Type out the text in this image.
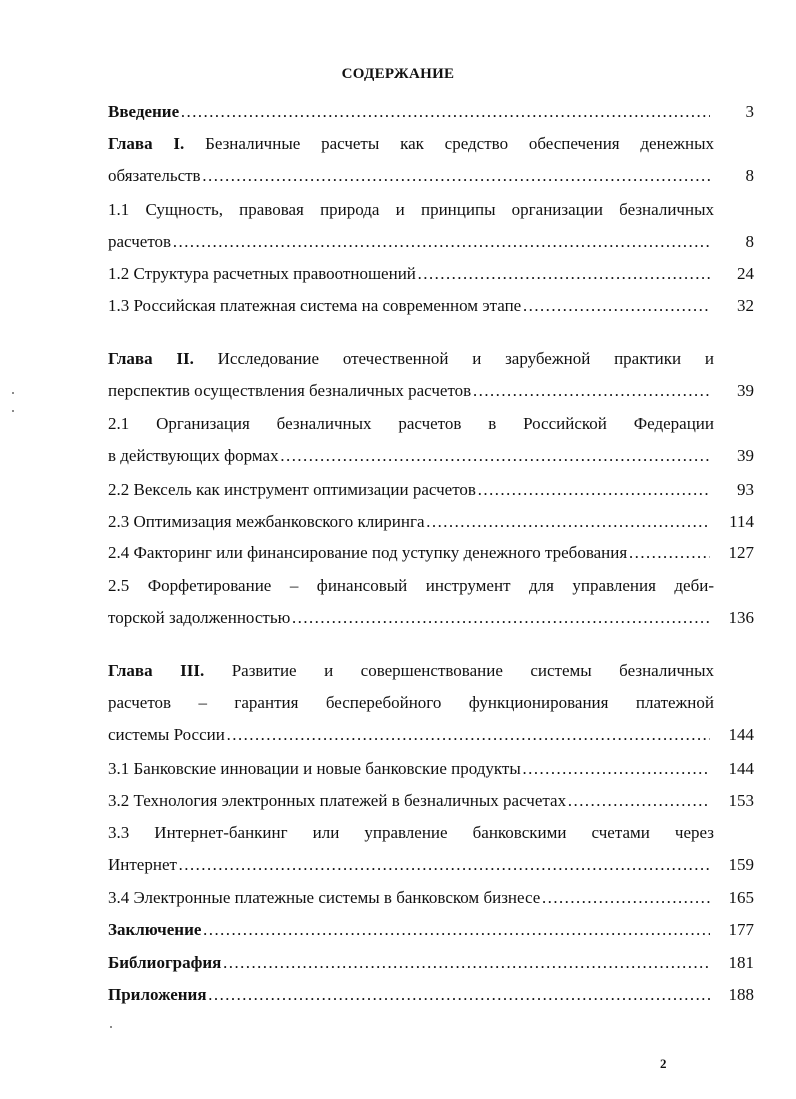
СОДЕРЖАНИЕ
Введение ………………………………………………………………………………………………………………………………………………………………………………………………	3
Глава I. Безналичные расчеты как средство обеспечения денежных
обязательств ………………………………………………………………………………………………………………………………………………………………………………………………	8
1.1 Сущность, правовая природа и принципы организации безналичных
расчетов ………………………………………………………………………………………………………………………………………………………………………………………………	8
1.2 Структура расчетных правоотношений ………………………………………………………………………………………………………………………………………………………………………………………………	24
1.3 Российская платежная система на современном этапе ………………………………………………………………………………………………………………………………………………………………………………………………	32
Глава II. Исследование отечественной и зарубежной практики и
перспектив осуществления безналичных расчетов ………………………………………………………………………………………………………………………………………………………………………………………………	39
2.1 Организация безналичных расчетов в Российской Федерации
в действующих формах ………………………………………………………………………………………………………………………………………………………………………………………………	39
2.2 Вексель как инструмент оптимизации расчетов ………………………………………………………………………………………………………………………………………………………………………………………………	93
2.3 Оптимизация межбанковского клиринга ………………………………………………………………………………………………………………………………………………………………………………………………	114
2.4 Факторинг или финансирование под уступку денежного требования ………………………………………………………………………………………………………………………………………………………………………………………………	127
2.5 Форфетирование – финансовый инструмент для управления деби-
торской задолженностью ………………………………………………………………………………………………………………………………………………………………………………………………	136
Глава III. Развитие и совершенствование системы безналичных
расчетов – гарантия бесперебойного функционирования платежной
системы России ………………………………………………………………………………………………………………………………………………………………………………………………	144
3.1 Банковские инновации и новые банковские продукты ………………………………………………………………………………………………………………………………………………………………………………………………	144
3.2 Технология электронных платежей в безналичных расчетах ………………………………………………………………………………………………………………………………………………………………………………………………	153
3.3 Интернет-банкинг или управление банковскими счетами через
Интернет ………………………………………………………………………………………………………………………………………………………………………………………………	159
3.4 Электронные платежные системы в банковском бизнесе ………………………………………………………………………………………………………………………………………………………………………………………………	165
Заключение ………………………………………………………………………………………………………………………………………………………………………………………………	177
Библиография ………………………………………………………………………………………………………………………………………………………………………………………………	181
Приложения ………………………………………………………………………………………………………………………………………………………………………………………………	188
2
